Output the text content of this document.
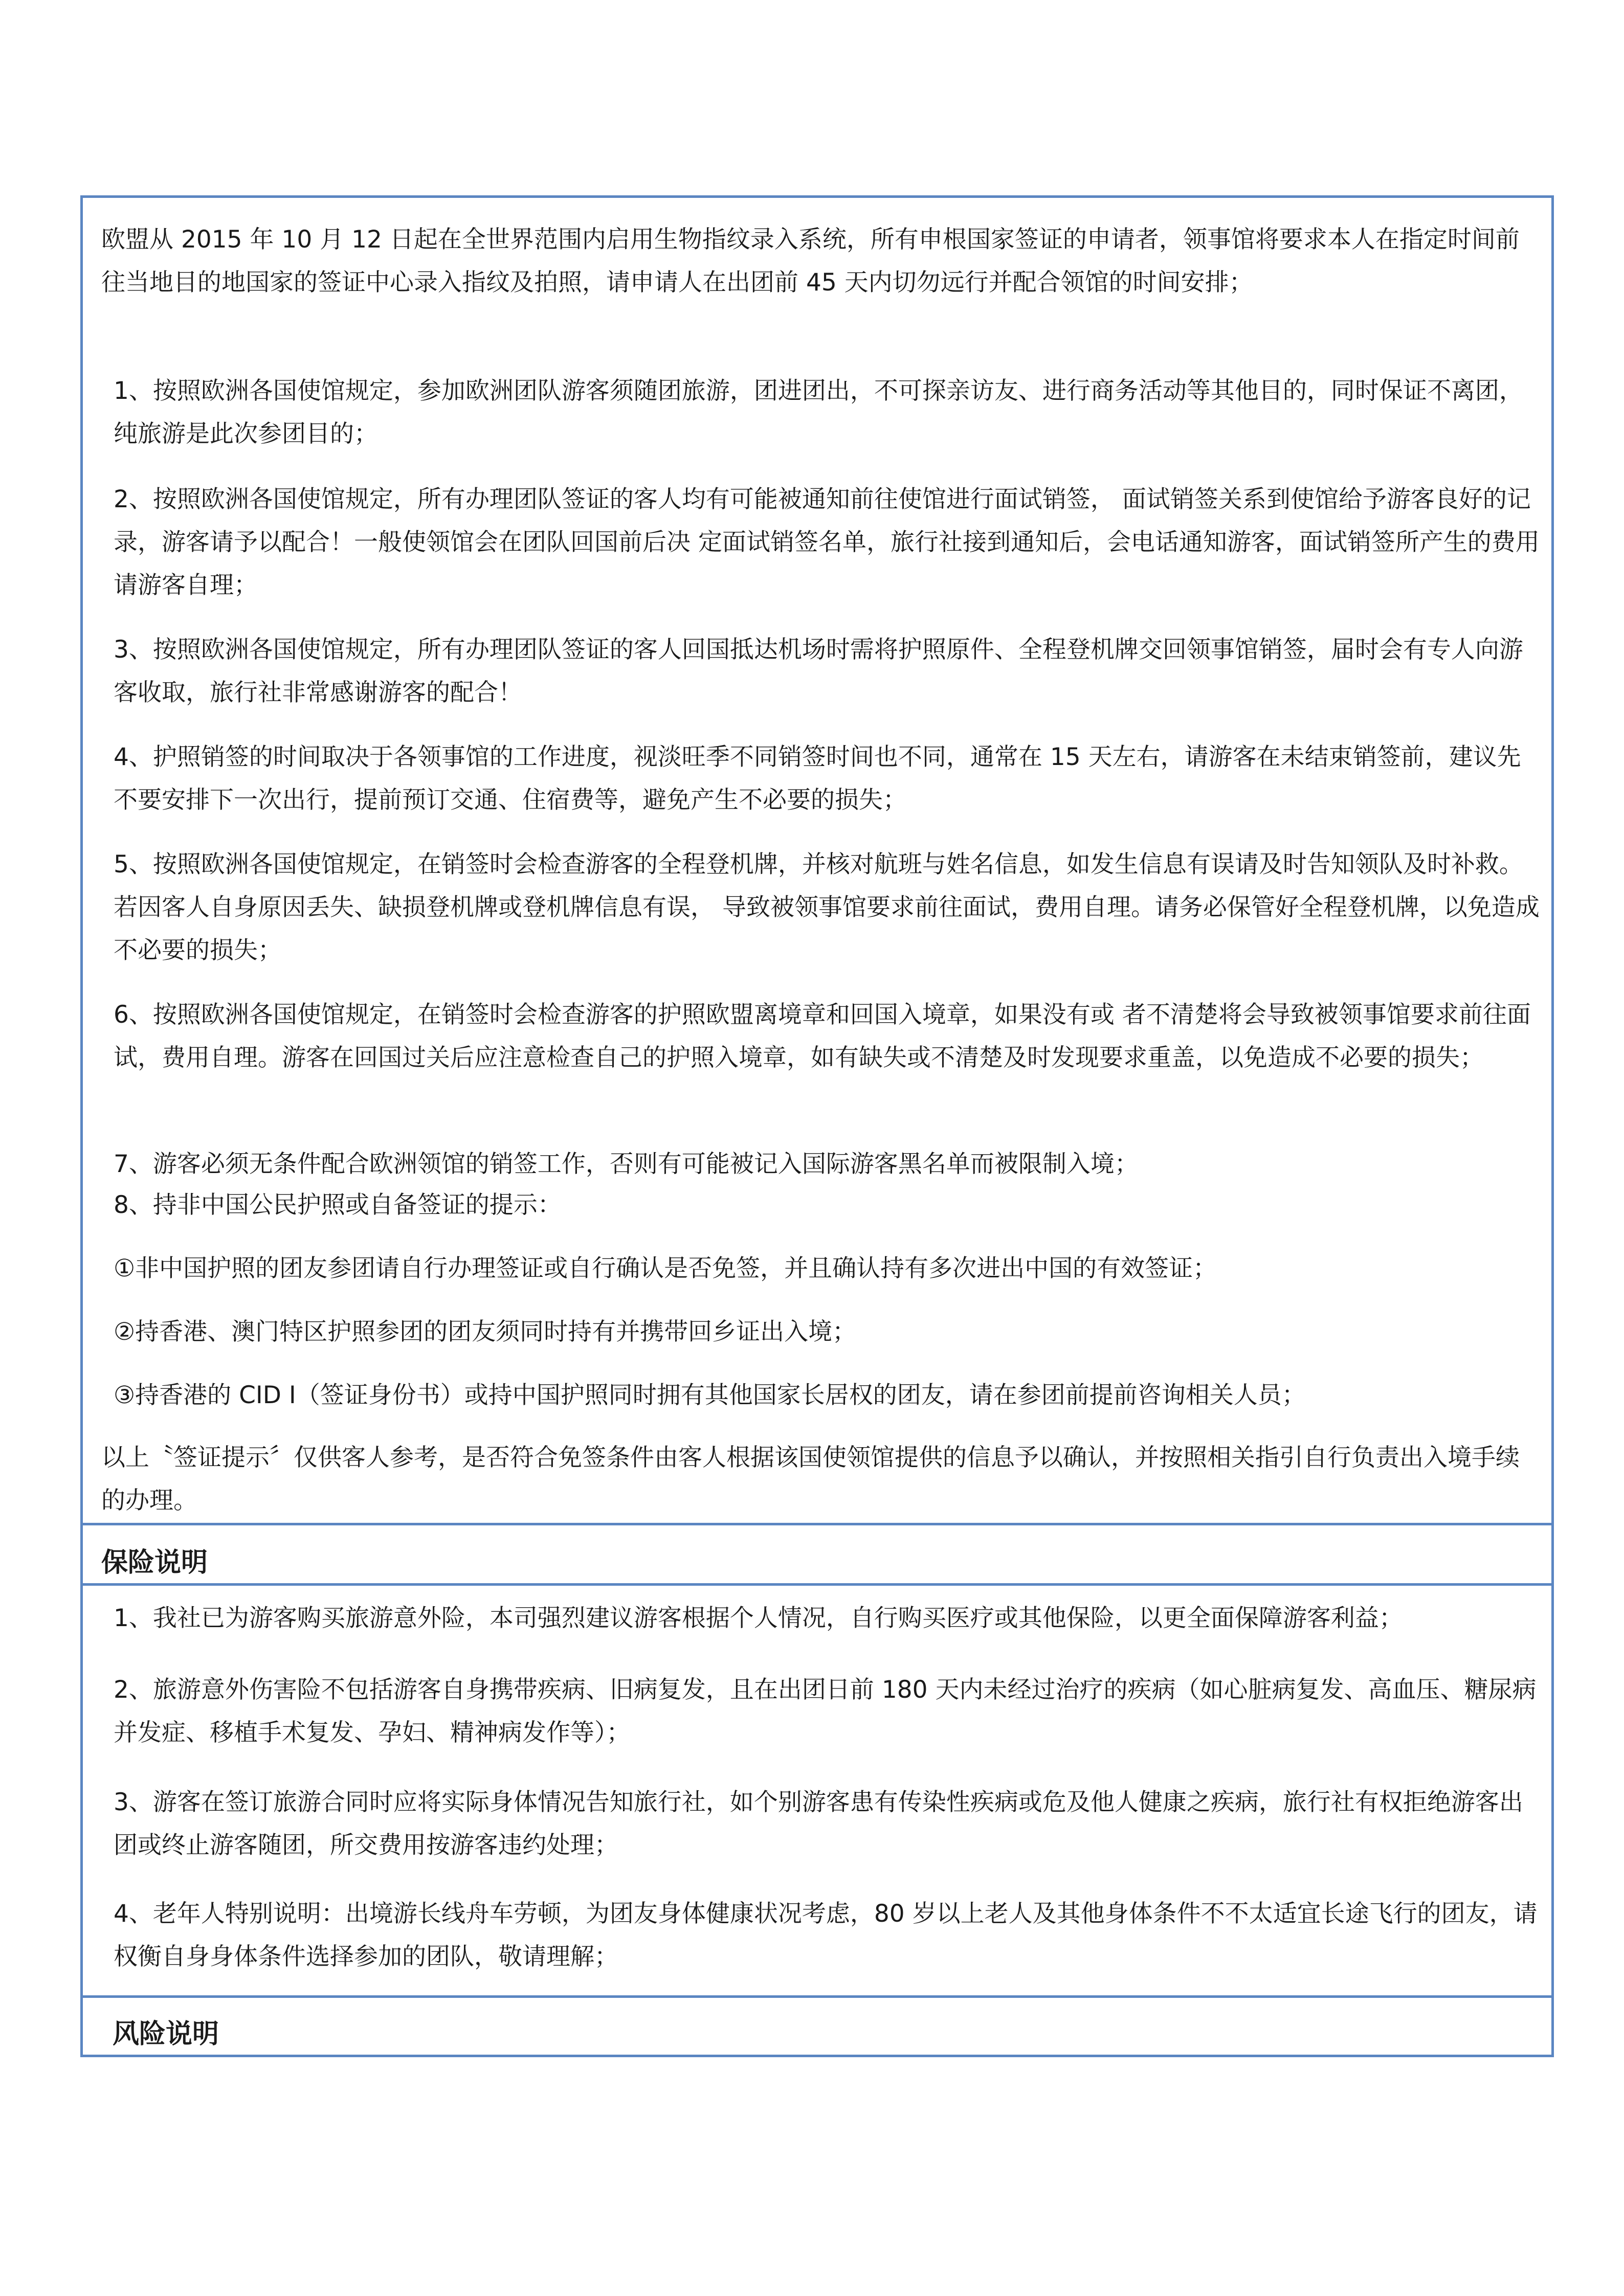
欧盟从 2015 年 10 月 12 日起在全世界范围内启用生物指纹录入系统，所有申根国家签证的申请者，领事馆将要求本人在指定时间前往当地目的地国家的签证中心录入指纹及拍照，请申请人在出团前 45 天内切勿远行并配合领馆的时间安排；

1、按照欧洲各国使馆规定，参加欧洲团队游客须随团旅游，团进团出，不可探亲访友、进行商务活动等其他目的，同时保证不离团，纯旅游是此次参团目的；

2、按照欧洲各国使馆规定，所有办理团队签证的客人均有可能被通知前往使馆进行面试销签， 面试销签关系到使馆给予游客良好的记录，游客请予以配合！一般使领馆会在团队回国前后决 定面试销签名单，旅行社接到通知后，会电话通知游客，面试销签所产生的费用请游客自理；

3、按照欧洲各国使馆规定，所有办理团队签证的客人回国抵达机场时需将护照原件、全程登机牌交回领事馆销签，届时会有专人向游客收取，旅行社非常感谢游客的配合！

4、护照销签的时间取决于各领事馆的工作进度，视淡旺季不同销签时间也不同，通常在 15 天左右，请游客在未结束销签前，建议先不要安排下一次出行，提前预订交通、住宿费等，避免产生不必要的损失；

5、按照欧洲各国使馆规定，在销签时会检查游客的全程登机牌，并核对航班与姓名信息，如发生信息有误请及时告知领队及时补救。若因客人自身原因丢失、缺损登机牌或登机牌信息有误， 导致被领事馆要求前往面试，费用自理。请务必保管好全程登机牌，以免造成不必要的损失；

6、按照欧洲各国使馆规定，在销签时会检查游客的护照欧盟离境章和回国入境章，如果没有或 者不清楚将会导致被领事馆要求前往面试，费用自理。游客在回国过关后应注意检查自己的护照入境章，如有缺失或不清楚及时发现要求重盖，以免造成不必要的损失；

7、游客必须无条件配合欧洲领馆的销签工作，否则有可能被记入国际游客黑名单而被限制入境；

8、持非中国公民护照或自备签证的提示：

①非中国护照的团友参团请自行办理签证或自行确认是否免签，并且确认持有多次进出中国的有效签证；

②持香港、澳门特区护照参团的团友须同时持有并携带回乡证出入境；

③持香港的 CID I（签证身份书）或持中国护照同时拥有其他国家长居权的团友，请在参团前提前咨询相关人员；

以上〝签证提示〞仅供客人参考，是否符合免签条件由客人根据该国使领馆提供的信息予以确认，并按照相关指引自行负责出入境手续的办理。

保险说明

1、我社已为游客购买旅游意外险，本司强烈建议游客根据个人情况，自行购买医疗或其他保险，以更全面保障游客利益；

2、旅游意外伤害险不包括游客自身携带疾病、旧病复发，且在出团日前 180 天内未经过治疗的疾病（如心脏病复发、高血压、糖尿病并发症、移植手术复发、孕妇、精神病发作等）；

3、游客在签订旅游合同时应将实际身体情况告知旅行社，如个别游客患有传染性疾病或危及他人健康之疾病，旅行社有权拒绝游客出团或终止游客随团，所交费用按游客违约处理；

4、老年人特别说明：出境游长线舟车劳顿，为团友身体健康状况考虑，80 岁以上老人及其他身体条件不不太适宜长途飞行的团友，请权衡自身身体条件选择参加的团队，敬请理解；

风险说明
